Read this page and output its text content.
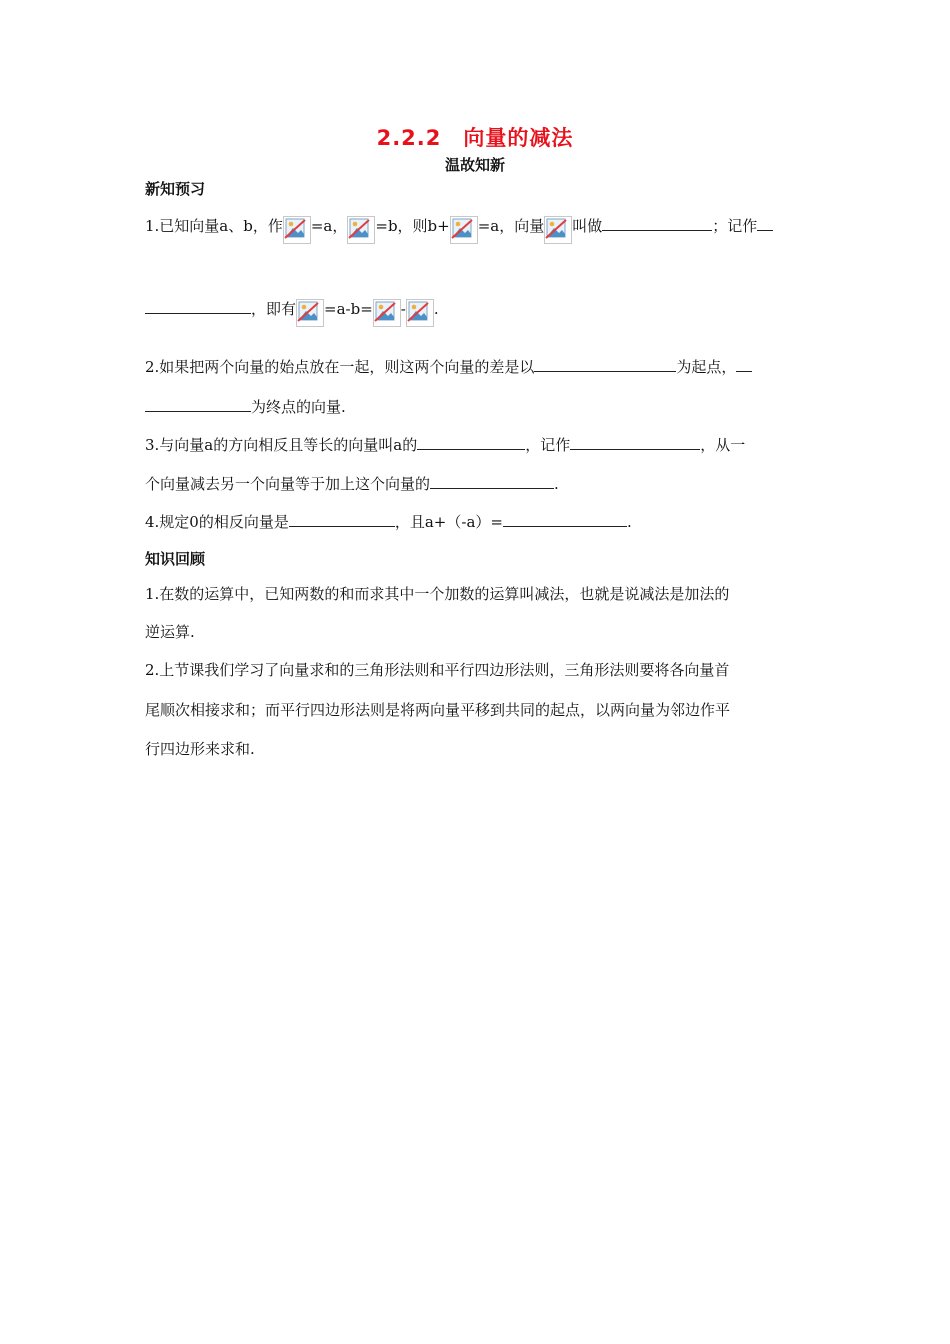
2.2.2　向量的减法
温故知新
新知预习
1.已知向量a、b，作 =a， =b，则b+ =a，向量 叫做	；记作
，即有 =a-b= - .
2.如果把两个向量的始点放在一起，则这两个向量的差是以	为起点，
为终点的向量.
3.与向量a的方向相反且等长的向量叫a的	，记作	，从一
个向量减去另一个向量等于加上这个向量的	.
4.规定0的相反向量是	，且a+（-a）=	.
知识回顾
1.在数的运算中，已知两数的和而求其中一个加数的运算叫减法，也就是说减法是加法的
逆运算.
2.上节课我们学习了向量求和的三角形法则和平行四边形法则，三角形法则要将各向量首
尾顺次相接求和；而平行四边形法则是将两向量平移到共同的起点，以两向量为邻边作平
行四边形来求和.
